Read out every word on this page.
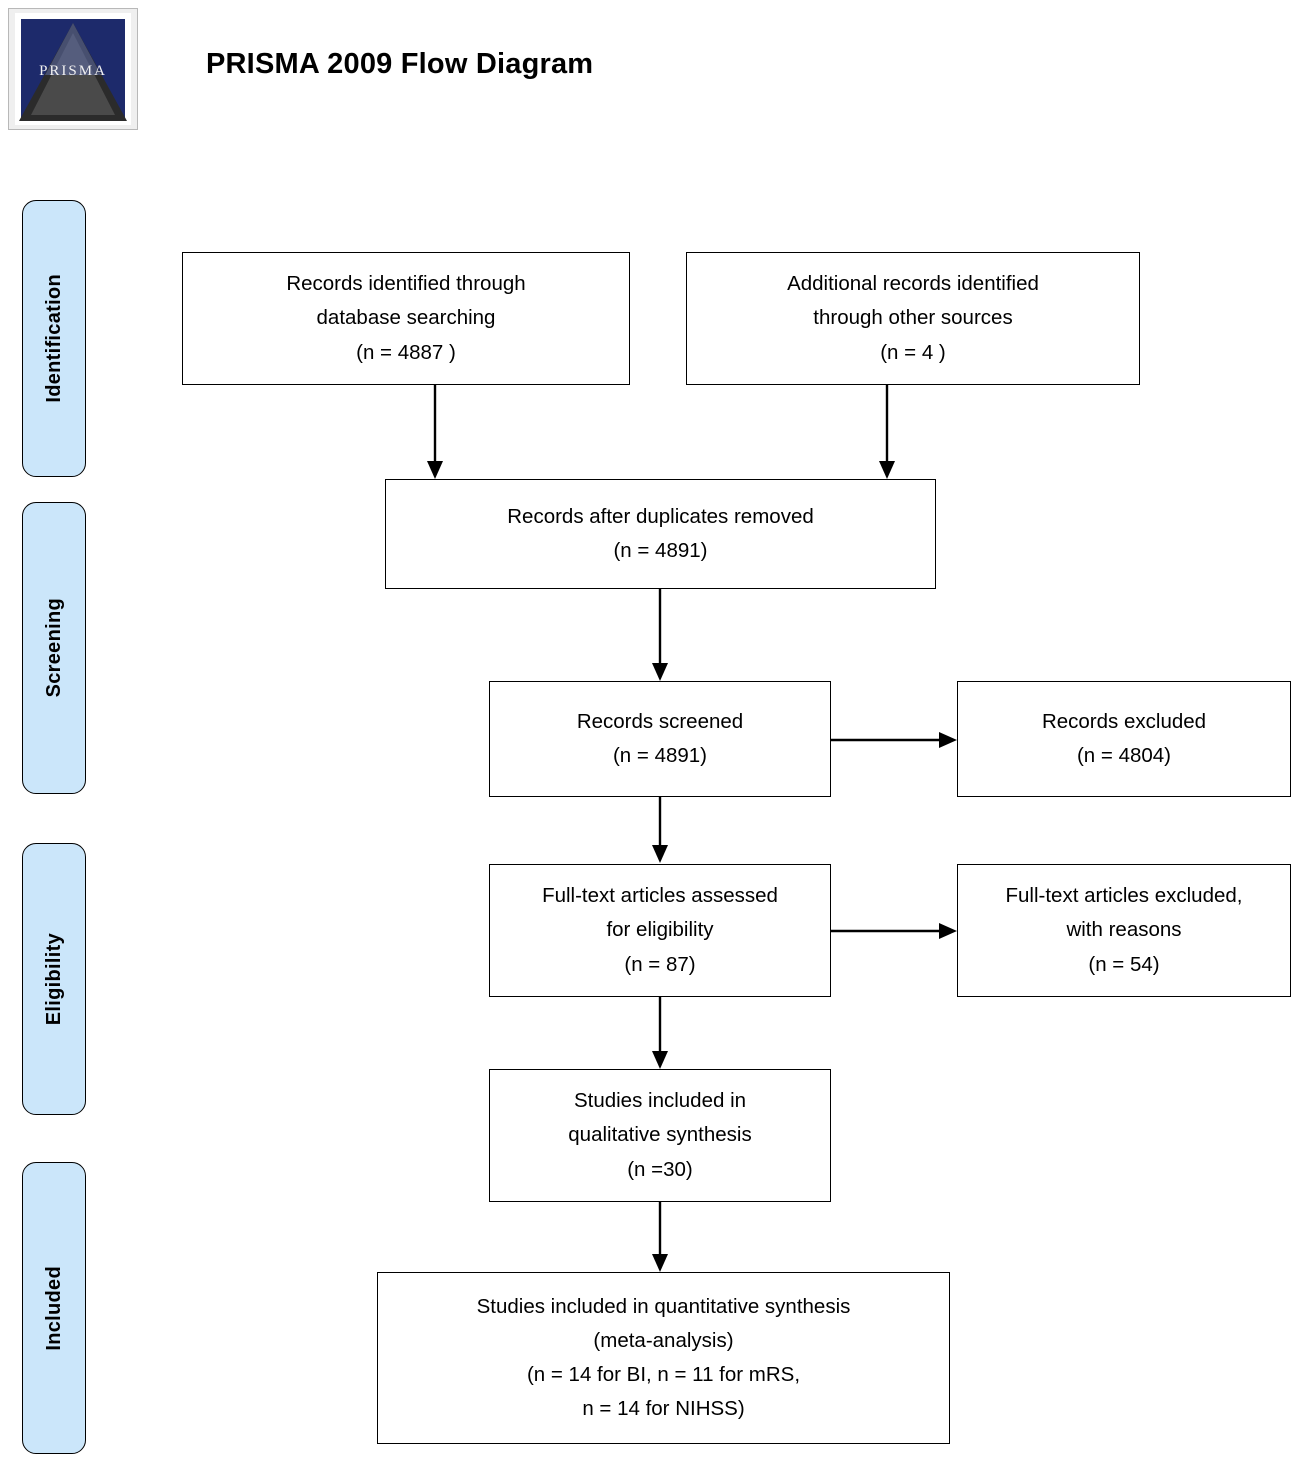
PRISMA	PRISMA 2009 Flow Diagram
Identification
Screening
Eligibility
Included
Records identified through
database searching
(n = 4887 )
Additional records identified
through other sources
(n = 4 )
Records after duplicates removed
(n = 4891)
Records screened
(n = 4891)
Records excluded
(n = 4804)
Full-text articles assessed
for eligibility
(n = 87)
Full-text articles excluded,
with reasons
(n = 54)
Studies included in
qualitative synthesis
(n =30)
Studies included in quantitative synthesis
(meta-analysis)
(n = 14 for BI, n = 11 for mRS,
n = 14 for NIHSS)
